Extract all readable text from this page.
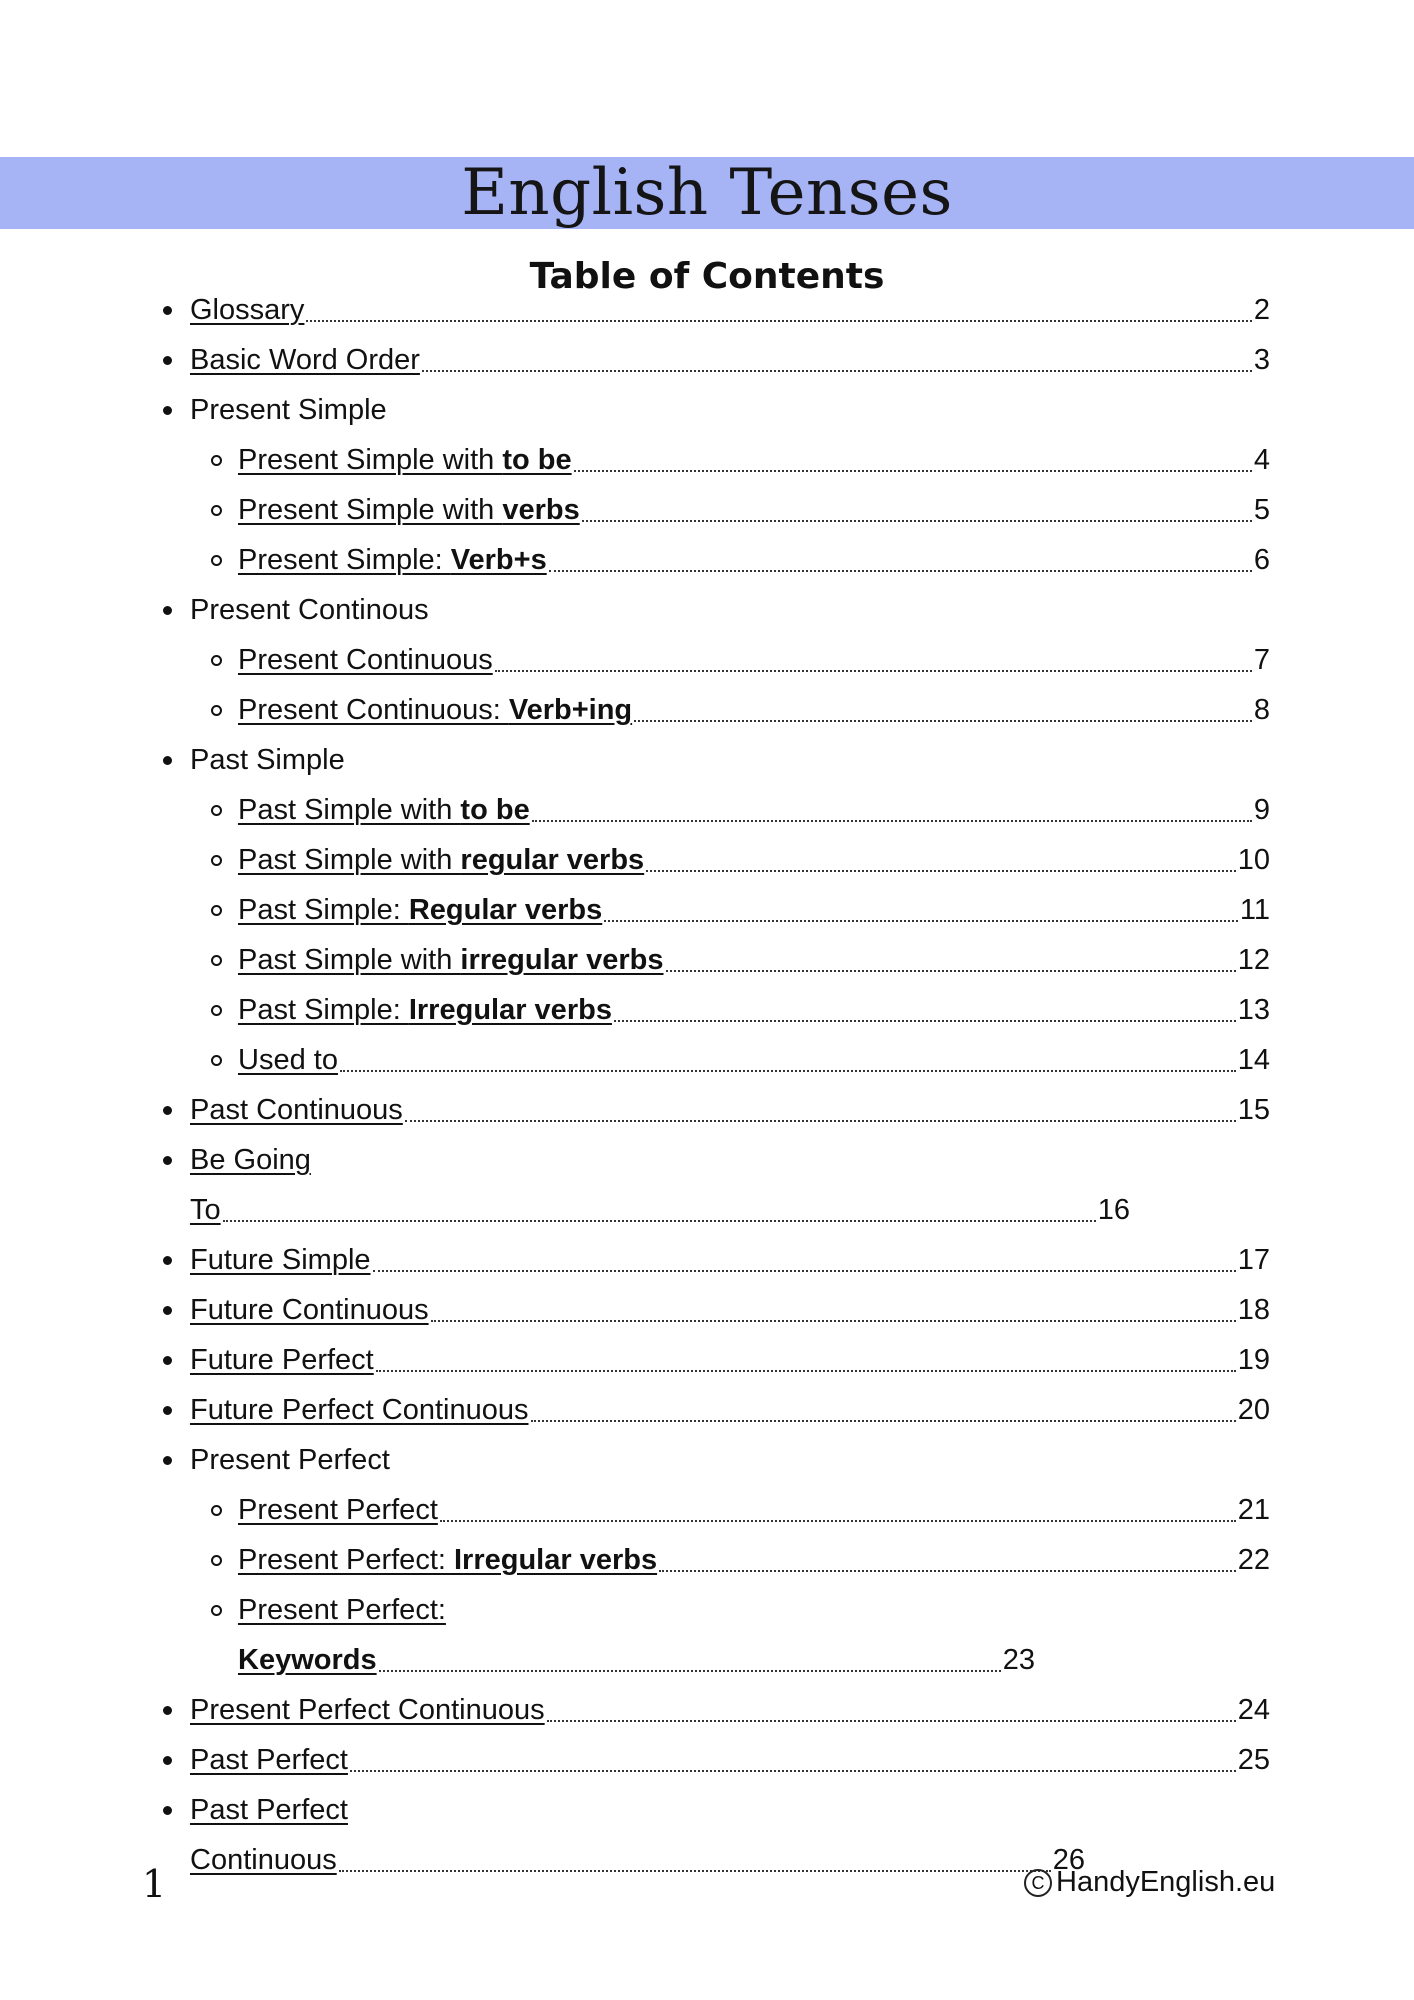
English Tenses
Table of Contents
Glossary	2
Basic Word Order	3
Present Simple
Present Simple with to be	4
Present Simple with verbs	5
Present Simple: Verb+s	6
Present Continous
Present Continuous	7
Present Continuous: Verb+ing	8
Past Simple
Past Simple with to be	9
Past Simple with regular verbs	10
Past Simple: Regular verbs	11
Past Simple with irregular verbs	12
Past Simple: Irregular verbs	13
Used to	14
Past Continuous	15
Be Going
To	16
Future Simple	17
Future Continuous	18
Future Perfect	19
Future Perfect Continuous	20
Present Perfect
Present Perfect	21
Present Perfect: Irregular verbs	22
Present Perfect:
Keywords	23
Present Perfect Continuous	24
Past Perfect	25
Past Perfect
Continuous	26
1	C HandyEnglish.eu
